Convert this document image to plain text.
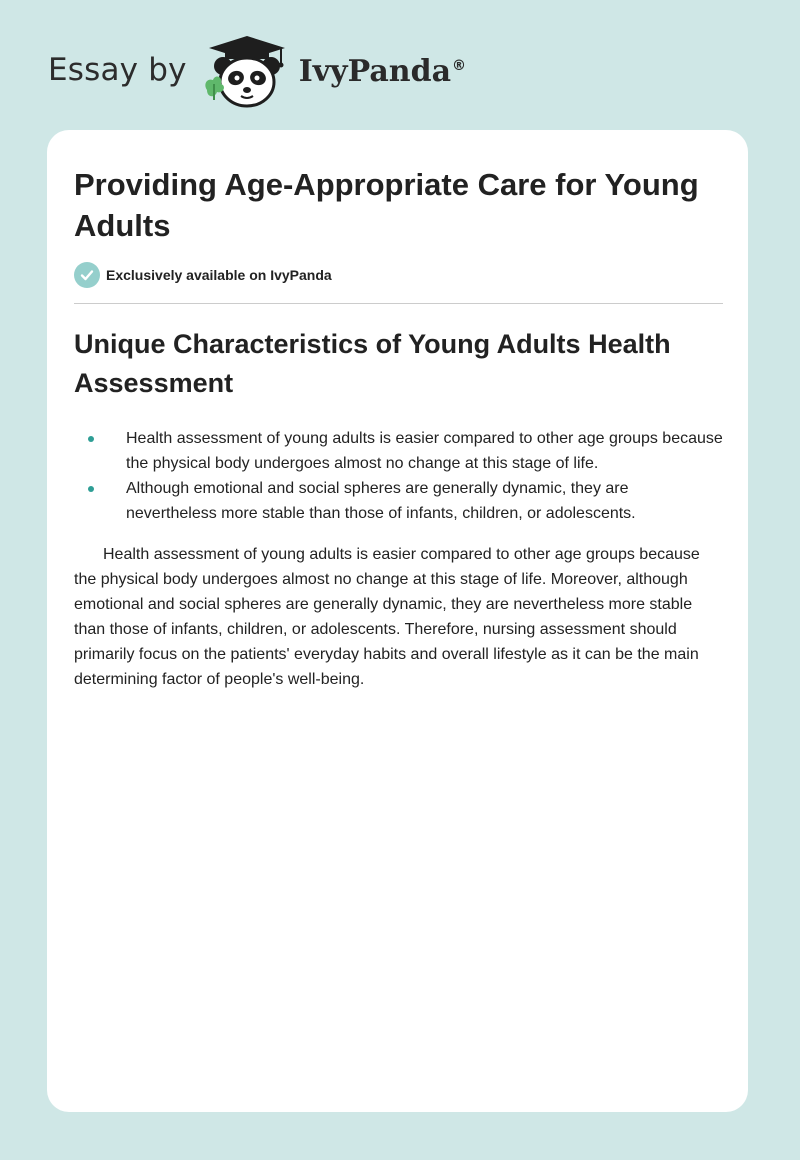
Essay by	IvyPanda®
Providing Age-Appropriate Care for Young Adults
Exclusively available on IvyPanda
Unique Characteristics of Young Adults Health Assessment
Health assessment of young adults is easier compared to other age groups because the physical body undergoes almost no change at this stage of life.
Although emotional and social spheres are generally dynamic, they are nevertheless more stable than those of infants, children, or adolescents.

Health assessment of young adults is easier compared to other age groups because the physical body undergoes almost no change at this stage of life. Moreover, although emotional and social spheres are generally dynamic, they are nevertheless more stable than those of infants, children, or adolescents. Therefore, nursing assessment should primarily focus on the patients' everyday habits and overall lifestyle as it can be the main determining factor of people's well-being.
